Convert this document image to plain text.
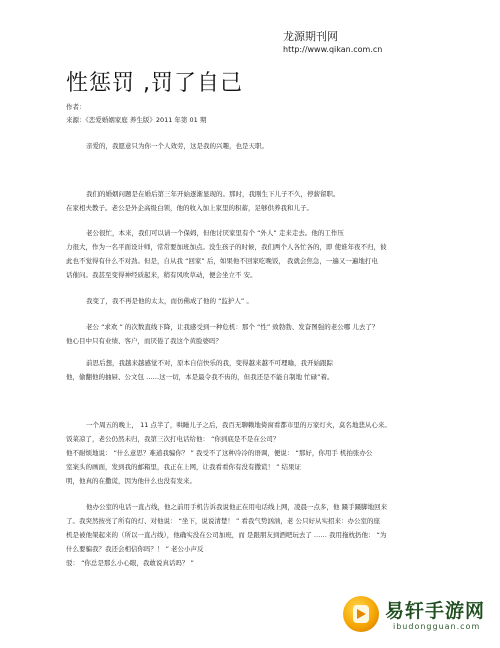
龙源期刊网
http://www.qikan.com.cn
性惩罚 ,罚了自己
作者：
来源：《恋爱婚姻家庭 养生版》2011 年第 01 期
亲爱的，我愿意只为你一个人效劳，这是我的兴趣，也是天职。
我们的婚姻问题是在婚后第三年开始逐渐显现的。那时，我刚生下儿子不久，停薪留职。
在家相夫教子。老公是外企高级白领，他的收入加上家里的积蓄，足够供养我和儿子。
老公很忙，本来，我们可以请一个保姆，但他讨厌家里有个 “外人” 走来走去。他的工作压
力很大，作为一名平面设计师，常常要加班加点。没生孩子的时候，我们两个人各忙各的，即 使谁年夜不归，彼
此也不觉得有什么不对劲。但是，自从我 “回家” 后，如果他不回家吃晚饭， 我就会焦急，一遍又一遍地打电
话催问。我甚至变得神经质起来，稍有风吹草动，便会坐立不 安。
我变了，我不再是他的太太，而仿佛成了他的 “监护人” 。
老公 “求欢 ” 的次数直线下降，让我感受到一种危机：那个 “性” 致勃勃、发奋图强的老公哪 儿去了？
他心目中只有业绩、客户，而厌倦了我这个黄脸婆吗？
前思后想，我越来越感觉不对，原本自信快乐的我，变得越来越不可理喻，我开始跟踪
他，偷翻他的抽屉、公文包 ……这一切，本是最令我不齿的，但我还是不能自制地 忙碌”着。
一个周五的晚上， 11 点半了，哄睡儿子之后，我百无聊赖地倚窗看都市里的万家灯火，莫名地悲从心来。
饭菜凉了，老公仍然未归，我第三次打电话给他： “你到底是不是在公司？
他不耐烦地说： “什么意思？难道我骗你？ ” 我受不了这种冷冷的语调，便说： “那好，你用手 机拍张办公
室案头的画面，发到我的邮箱里，我正在上网，让我看看你有没有撒谎！ ” 结果证
明，他真的在撒谎，因为他什么也没有发来。
他办公室的电话一直占线，他之前用手机告诉我说他正在用电话线上网，凌晨一点多，他 蹑手蹑脚地回来
了。我突然按亮了所有的灯、对他说： “坐下，说说清楚！ ” 看我气势汹汹，老 公只好从实招来：办公室的座
机是被他架起来的（所以一直占线），他确实没在公司加班，而 是跟朋友到酒吧玩去了 …… 我用拖枕扔他： “为
什么要骗我？我还会相信你吗？！ ” 老公小声反
驳： “你总是那么小心眼，我敢说真话吗？ ”
易轩手游网
ibudongguan.com
